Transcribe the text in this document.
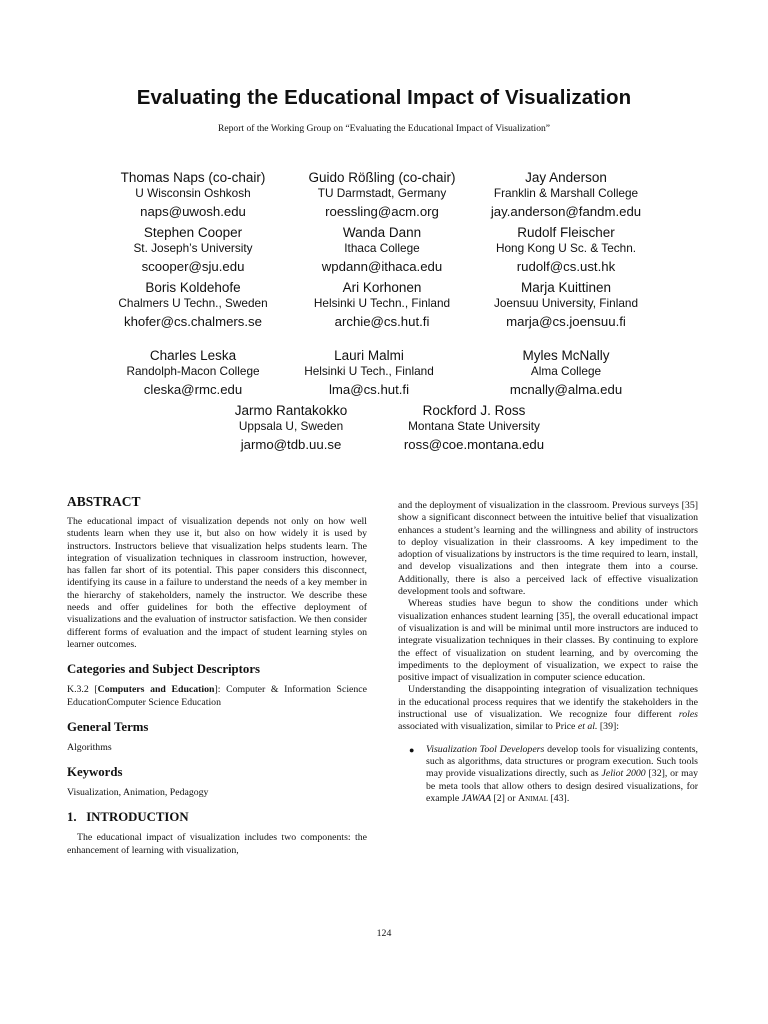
Evaluating the Educational Impact of Visualization
Report of the Working Group on “Evaluating the Educational Impact of Visualization”
Thomas Naps (co-chair)
U Wisconsin Oshkosh
naps@uwosh.edu
Guido Rößling (co-chair)
TU Darmstadt, Germany
roessling@acm.org
Jay Anderson
Franklin & Marshall College
jay.anderson@fandm.edu
Stephen Cooper
St. Joseph’s University
scooper@sju.edu
Wanda Dann
Ithaca College
wpdann@ithaca.edu
Rudolf Fleischer
Hong Kong U Sc. & Techn.
rudolf@cs.ust.hk
Boris Koldehofe
Chalmers U Techn., Sweden
khofer@cs.chalmers.se
Ari Korhonen
Helsinki U Techn., Finland
archie@cs.hut.fi
Marja Kuittinen
Joensuu University, Finland
marja@cs.joensuu.fi
Charles Leska
Randolph-Macon College
cleska@rmc.edu
Lauri Malmi
Helsinki U Tech., Finland
lma@cs.hut.fi
Myles McNally
Alma College
mcnally@alma.edu
Jarmo Rantakokko
Uppsala U, Sweden
jarmo@tdb.uu.se
Rockford J. Ross
Montana State University
ross@coe.montana.edu
ABSTRACT

The educational impact of visualization depends not only on how well students learn when they use it, but also on how widely it is used by instructors. Instructors believe that visualization helps students learn. The integration of visualization techniques in classroom instruction, however, has fallen far short of its potential. This paper considers this disconnect, identifying its cause in a failure to understand the needs of a key member in the hierarchy of stakeholders, namely the instructor. We describe these needs and offer guidelines for both the effective deployment of visualizations and the evaluation of instructor satisfaction. We then consider different forms of evaluation and the impact of student learning styles on learner outcomes.

Categories and Subject Descriptors

K.3.2 [Computers and Education]: Computer & Information Science EducationComputer Science Education

General Terms

Algorithms

Keywords

Visualization, Animation, Pedagogy

1.   INTRODUCTION

The educational impact of visualization includes two components: the enhancement of learning with visualization,

and the deployment of visualization in the classroom. Previous surveys [35] show a significant disconnect between the intuitive belief that visualization enhances a student’s learning and the willingness and ability of instructors to deploy visualization in their classrooms. A key impediment to the adoption of visualizations by instructors is the time required to learn, install, and develop visualizations and then integrate them into a course. Additionally, there is also a perceived lack of effective visualization development tools and software.

Whereas studies have begun to show the conditions under which visualization enhances student learning [35], the overall educational impact of visualization is and will be minimal until more instructors are induced to integrate visualization techniques in their classes. By continuing to explore the effect of visualization on student learning, and by overcoming the impediments to the deployment of visualization, we expect to raise the positive impact of visualization in computer science education.

Understanding the disappointing integration of visualization techniques in the educational process requires that we identify the stakeholders in the instructional use of visualization. We recognize four different roles associated with visualization, similar to Price et al. [39]:

● Visualization Tool Developers develop tools for visualizing contents, such as algorithms, data structures or program execution. Such tools may provide visualizations directly, such as Jeliot 2000 [32], or may be meta tools that allow others to design desired visualizations, for example JAWAA [2] or Animal [43].
124
